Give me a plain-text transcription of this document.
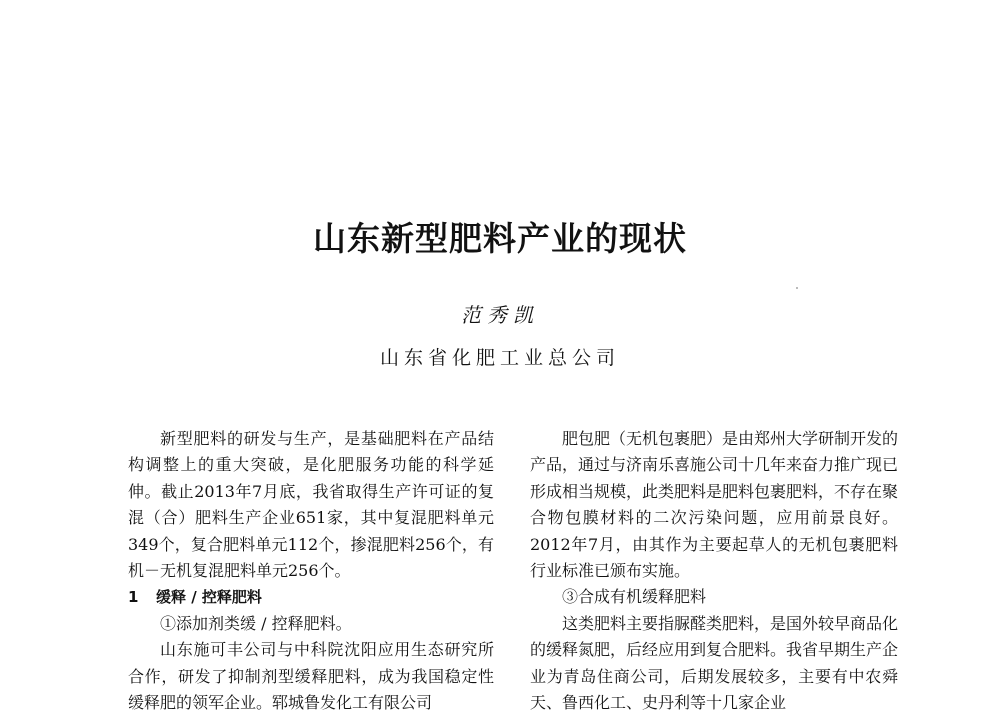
山东新型肥料产业的现状

范秀凯

山东省化肥工业总公司

新型肥料的研发与生产，是基础肥料在产品结构调整上的重大突破，是化肥服务功能的科学延伸。截止2013年7月底，我省取得生产许可证的复混（合）肥料生产企业651家，其中复混肥料单元349个，复合肥料单元112个，掺混肥料256个，有机－无机复混肥料单元256个。

1 缓释 / 控释肥料

①添加剂类缓 / 控释肥料。

山东施可丰公司与中科院沈阳应用生态研究所合作，研发了抑制剂型缓释肥料，成为我国稳定性缓释肥的领军企业。郓城鲁发化工有限公司

肥包肥（无机包裹肥）是由郑州大学研制开发的产品，通过与济南乐喜施公司十几年来奋力推广现已形成相当规模，此类肥料是肥料包裹肥料，不存在聚合物包膜材料的二次污染问题，应用前景良好。2012年7月，由其作为主要起草人的无机包裹肥料行业标准已颁布实施。

③合成有机缓释肥料

这类肥料主要指脲醛类肥料，是国外较早商品化的缓释氮肥，后经应用到复合肥料。我省早期生产企业为青岛住商公司，后期发展较多，主要有中农舜天、鲁西化工、史丹利等十几家企业
